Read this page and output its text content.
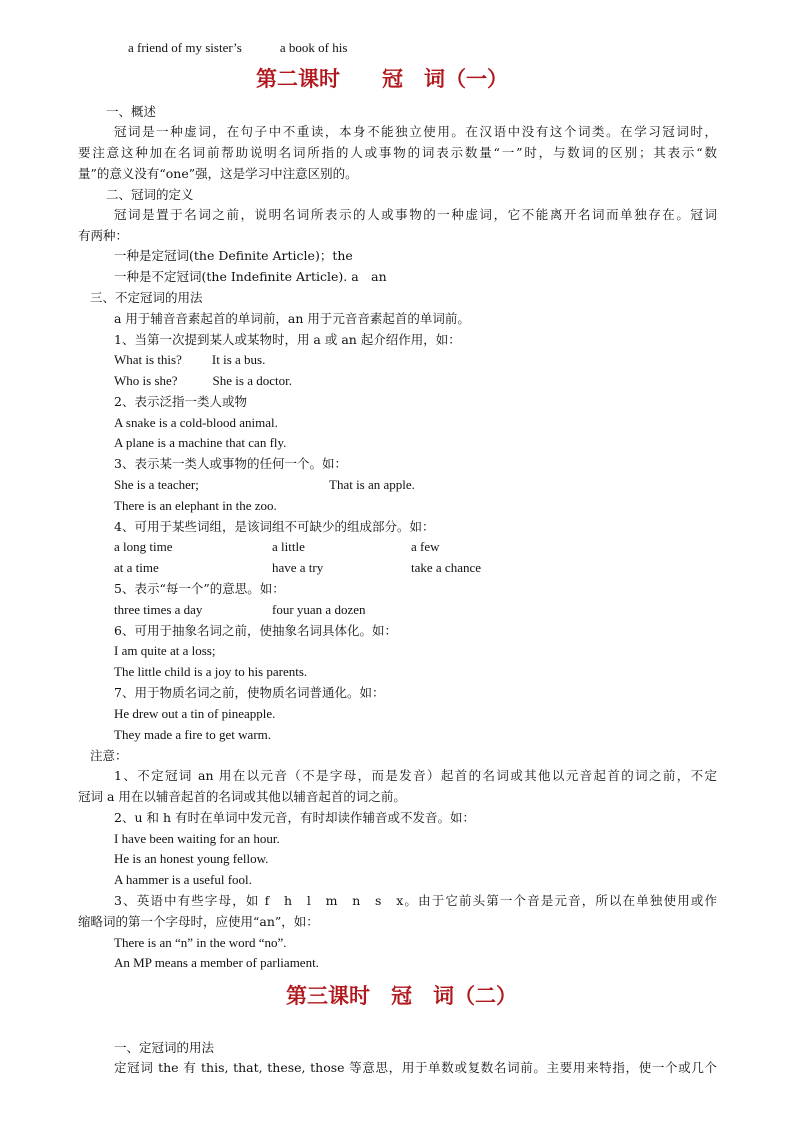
a friend of my sister’s	a book of his
第二课时　　冠　词（一）
一、概述
冠词是一种虚词，在句子中不重读，本身不能独立使用。在汉语中没有这个词类。在学习冠词时，
要注意这种加在名词前帮助说明名词所指的人或事物的词表示数量“一”时，与数词的区别；其表示“数
量”的意义没有“one”强，这是学习中注意区别的。
二、冠词的定义
冠词是置于名词之前，说明名词所表示的人或事物的一种虚词，它不能离开名词而单独存在。冠词
有两种：
一种是定冠词(the Definite Article)；the
一种是不定冠词(the Indefinite Article). a　an
三、不定冠词的用法
a 用于辅音音素起首的单词前，an 用于元音音素起首的单词前。
1、当第一次提到某人或某物时，用 a 或 an 起介绍作用，如：
What is this? It is a bus.
Who is she?	She is a doctor.
2、表示泛指一类人或物
A snake is a cold-blood animal.
A plane is a machine that can fly.
3、表示某一类人或事物的任何一个。如：
She is a teacher;	That is an apple.
There is an elephant in the zoo.
4、可用于某些词组，是该词组不可缺少的组成部分。如：
a long time	a little	a few
at a time	have a try	take a chance
5、表示“每一个”的意思。如：
three times a day	four yuan a dozen
6、可用于抽象名词之前，使抽象名词具体化。如：
I am quite at a loss;
The little child is a joy to his parents.
7、用于物质名词之前，使物质名词普通化。如：
He drew out a tin of pineapple.
They made a fire to get warm.
注意：
1、不定冠词 an 用在以元音（不是字母，而是发音）起首的名词或其他以元音起首的词之前，不定
冠词 a 用在以辅音起首的名词或其他以辅音起首的词之前。
2、u 和 h 有时在单词中发元音，有时却读作辅音或不发音。如：
I have been waiting for an hour.
He is an honest young fellow.
A hammer is a useful fool.
3、英语中有些字母，如 f　h　l　m　n　s　x。由于它前头第一个音是元音，所以在单独使用或作
缩略词的第一个字母时，应使用“an”，如：
There is an “n” in the word “no”.
An MP means a member of parliament.
第三课时　冠　词（二）
一、定冠词的用法
定冠词 the 有 this, that, these, those 等意思，用于单数或复数名词前。主要用来特指，使一个或几个
